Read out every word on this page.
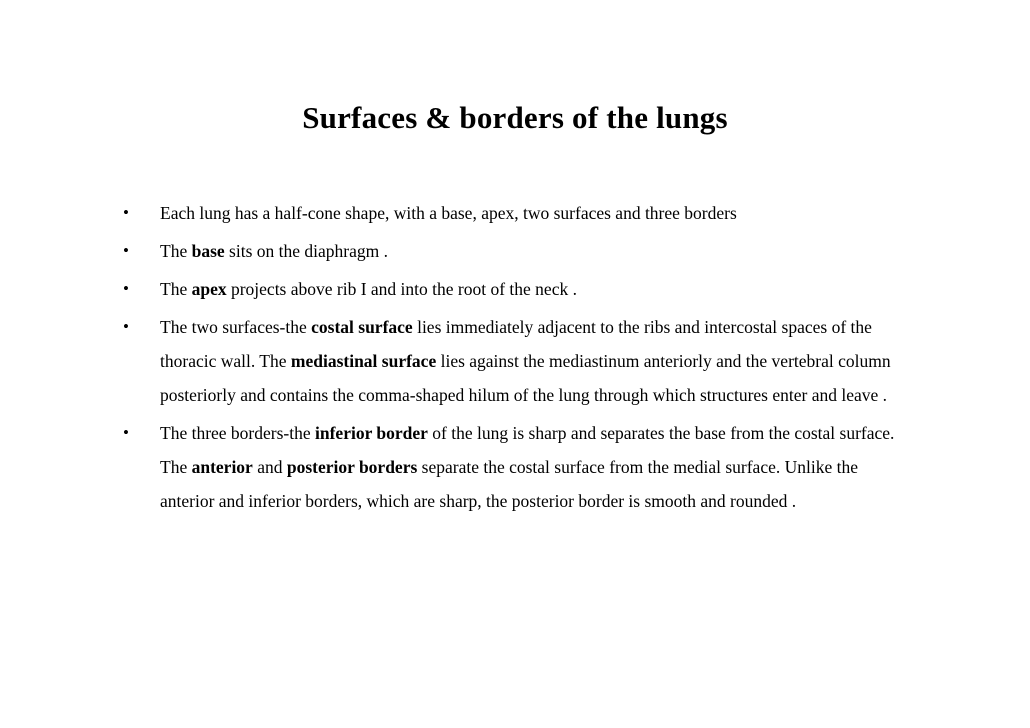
Surfaces & borders of the lungs
• Each lung has a half-cone shape, with a base, apex, two surfaces and three borders
• The base sits on the diaphragm .
• The apex projects above rib I and into the root of the neck .
• The two surfaces-the costal surface lies immediately adjacent to the ribs and intercostal spaces of the thoracic wall. The mediastinal surface lies against the mediastinum anteriorly and the vertebral column posteriorly and contains the comma-shaped hilum of the lung through which structures enter and leave .
• The three borders-the inferior border of the lung is sharp and separates the base from the costal surface. The anterior and posterior borders separate the costal surface from the medial surface. Unlike the anterior and inferior borders, which are sharp, the posterior border is smooth and rounded .
